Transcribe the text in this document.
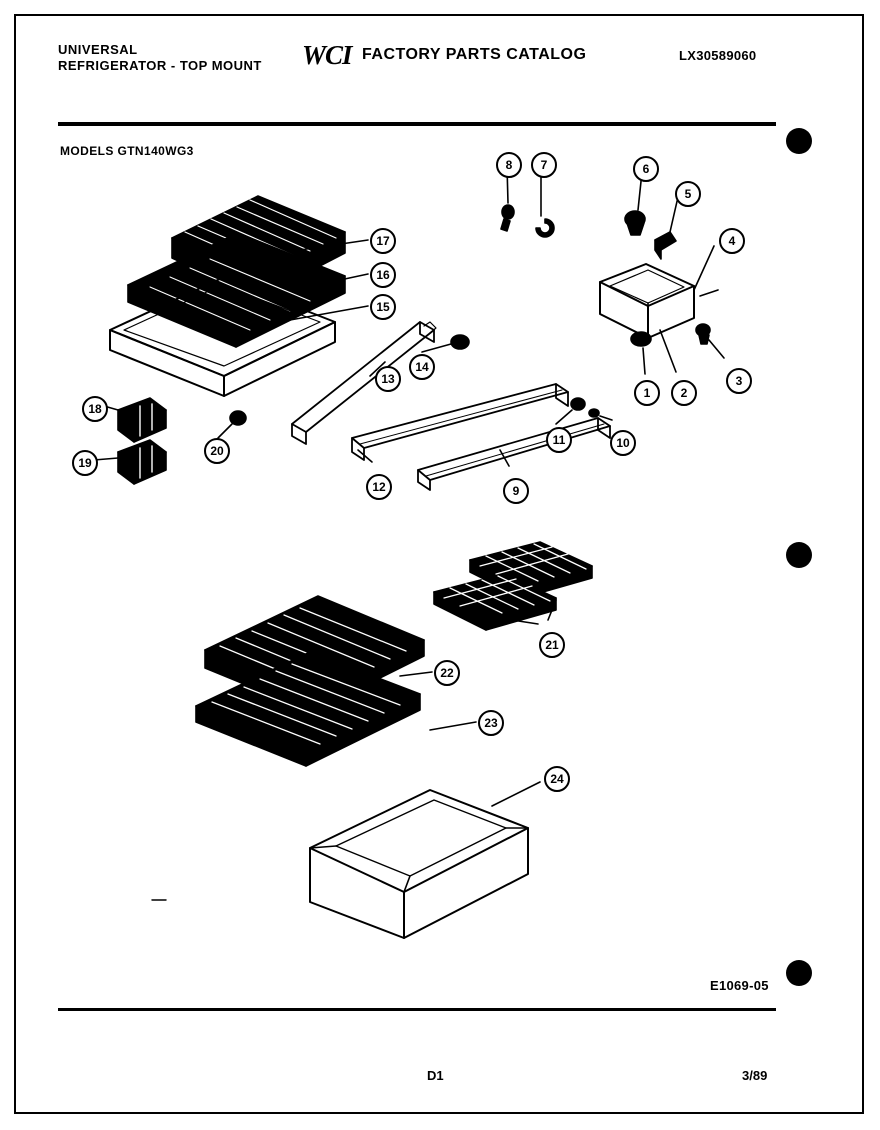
UNIVERSAL
REFRIGERATOR - TOP MOUNT WCI FACTORY PARTS CATALOG	LX30589060
MODELS GTN140WG3
17
16
15
8	7	6
5
4
3
2
1
14
13
12	9
11	10
18
19
20
21
22
23
24
E1069-05
D1	3/89
